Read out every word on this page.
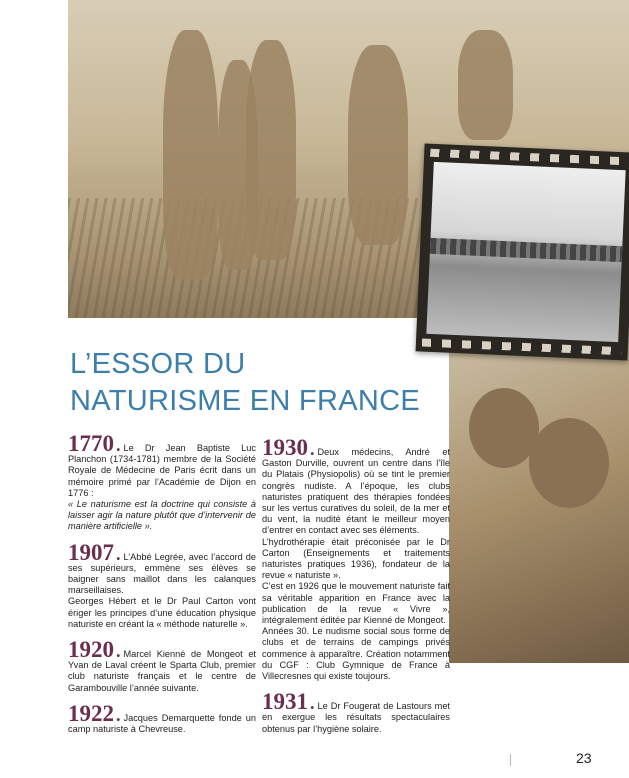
L’ESSOR DU
NATURISME EN FRANCE
1770 . Le Dr Jean Baptiste Luc Planchon (1734-1781) membre de la Société Royale de Médecine de Paris écrit dans un mémoire primé par l’Académie de Dijon en 1776 :
« Le naturisme est la doctrine qui consiste à laisser agir la nature plutôt que d’intervenir de manière artificielle ».
1907 . L’Abbé Legrée, avec l’accord de ses supérieurs, emmène ses élèves se baigner sans maillot dans les calanques marseillaises.
Georges Hébert et le Dr Paul Carton vont ériger les principes d’une éducation physique naturiste en créant la « méthode naturelle ».
1920 . Marcel Kienné de Mongeot et Yvan de Laval créent le Sparta Club, premier club naturiste français et le centre de Garambouville l’année suivante.
1922 . Jacques Demarquette fonde un camp naturiste à Chevreuse.
1930 . Deux médecins, André et Gaston Durville, ouvrent un centre dans l’île du Platais (Physiopolis) où se tint le premier congrès nudiste. A l’époque, les clubs naturistes pratiquent des thérapies fondées sur les vertus curatives du soleil, de la mer et du vent, la nudité étant le meilleur moyen d’entrer en contact avec ses éléments.
L’hydrothérapie était préconisée par le Dr Carton (Enseignements et traitements naturistes pratiques 1936), fondateur de la revue « naturiste ».
C’est en 1926 que le mouvement naturiste fait sa véritable apparition en France avec la publication de la revue « Vivre », intégralement éditée par Kienné de Mongeot.
Années 30. Le nudisme social sous forme de clubs et de terrains de campings privés commence à apparaître. Création notamment du CGF : Club Gymnique de France à Villecresnes qui existe toujours.
1931 . Le Dr Fougerat de Lastours met en exergue les résultats spectaculaires obtenus par l’hygiène solaire.
23
